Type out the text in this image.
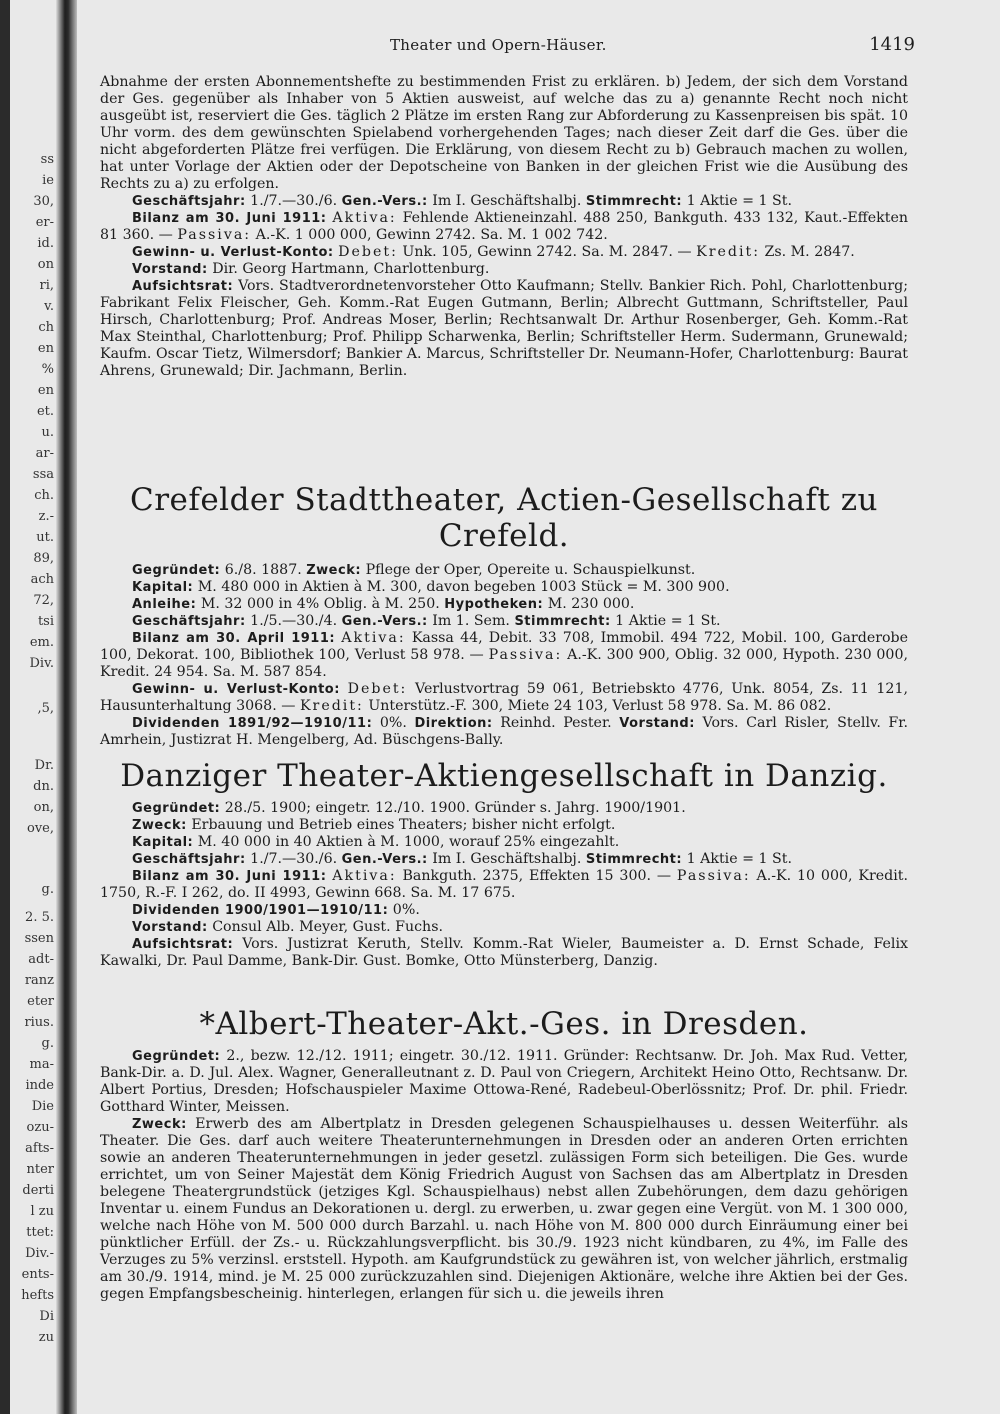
ss
ie
30,
er-
id.
on
ri,
v.
ch
en
%
en
et.
u.
ar-
ssa
ch.
z.-
ut.
89,
ach
72,
tsi
em.
Div.
,5,
Dr.
dn.
on,
ove,
g.
2. 5.
ssen
adt-
ranz
eter
rius.
g.
ma-
inde
Die
ozu-
afts-
nter
derti
l zu
ttet:
Div.-
ents-
hefts
Di
zu
Theater und Opern-Häuser.	1419

Abnahme der ersten Abonnementshefte zu bestimmenden Frist zu erklären. b) Jedem, der sich dem Vorstand der Ges. gegenüber als Inhaber von 5 Aktien ausweist, auf welche das zu a) genannte Recht noch nicht ausgeübt ist, reserviert die Ges. täglich 2 Plätze im ersten Rang zur Abforderung zu Kassenpreisen bis spät. 10 Uhr vorm. des dem gewünschten Spielabend vorhergehenden Tages; nach dieser Zeit darf die Ges. über die nicht abgeforderten Plätze frei verfügen. Die Erklärung, von diesem Recht zu b) Gebrauch machen zu wollen, hat unter Vorlage der Aktien oder der Depotscheine von Banken in der gleichen Frist wie die Ausübung des Rechts zu a) zu erfolgen.

Geschäftsjahr: 1./7.—30./6. Gen.-Vers.: Im I. Geschäftshalbj. Stimmrecht: 1 Aktie = 1 St.

Bilanz am 30. Juni 1911: Aktiva: Fehlende Aktieneinzahl. 488 250, Bankguth. 433 132, Kaut.-Effekten 81 360. — Passiva: A.-K. 1 000 000, Gewinn 2742. Sa. M. 1 002 742.

Gewinn- u. Verlust-Konto: Debet: Unk. 105, Gewinn 2742. Sa. M. 2847. — Kredit: Zs. M. 2847.

Vorstand: Dir. Georg Hartmann, Charlottenburg.

Aufsichtsrat: Vors. Stadtverordnetenvorsteher Otto Kaufmann; Stellv. Bankier Rich. Pohl, Charlottenburg; Fabrikant Felix Fleischer, Geh. Komm.-Rat Eugen Gutmann, Berlin; Albrecht Guttmann, Schriftsteller, Paul Hirsch, Charlottenburg; Prof. Andreas Moser, Berlin; Rechtsanwalt Dr. Arthur Rosenberger, Geh. Komm.-Rat Max Steinthal, Charlottenburg; Prof. Philipp Scharwenka, Berlin; Schriftsteller Herm. Sudermann, Grunewald; Kaufm. Oscar Tietz, Wilmersdorf; Bankier A. Marcus, Schriftsteller Dr. Neumann-Hofer, Charlottenburg: Baurat Ahrens, Grunewald; Dir. Jachmann, Berlin.

Crefelder Stadttheater, Actien-Gesellschaft zu Crefeld.

Gegründet: 6./8. 1887. Zweck: Pflege der Oper, Opereite u. Schauspielkunst.

Kapital: M. 480 000 in Aktien à M. 300, davon begeben 1003 Stück = M. 300 900.

Anleihe: M. 32 000 in 4% Oblig. à M. 250. Hypotheken: M. 230 000.

Geschäftsjahr: 1./5.—30./4. Gen.-Vers.: Im 1. Sem. Stimmrecht: 1 Aktie = 1 St.

Bilanz am 30. April 1911: Aktiva: Kassa 44, Debit. 33 708, Immobil. 494 722, Mobil. 100, Garderobe 100, Dekorat. 100, Bibliothek 100, Verlust 58 978. — Passiva: A.-K. 300 900, Oblig. 32 000, Hypoth. 230 000, Kredit. 24 954. Sa. M. 587 854.

Gewinn- u. Verlust-Konto: Debet: Verlustvortrag 59 061, Betriebskto 4776, Unk. 8054, Zs. 11 121, Hausunterhaltung 3068. — Kredit: Unterstütz.-F. 300, Miete 24 103, Verlust 58 978. Sa. M. 86 082.

Dividenden 1891/92—1910/11: 0%. Direktion: Reinhd. Pester. Vorstand: Vors. Carl Risler, Stellv. Fr. Amrhein, Justizrat H. Mengelberg, Ad. Büschgens-Bally.

Danziger Theater-Aktiengesellschaft in Danzig.

Gegründet: 28./5. 1900; eingetr. 12./10. 1900. Gründer s. Jahrg. 1900/1901.

Zweck: Erbauung und Betrieb eines Theaters; bisher nicht erfolgt.

Kapital: M. 40 000 in 40 Aktien à M. 1000, worauf 25% eingezahlt.

Geschäftsjahr: 1./7.—30./6. Gen.-Vers.: Im I. Geschäftshalbj. Stimmrecht: 1 Aktie = 1 St.

Bilanz am 30. Juni 1911: Aktiva: Bankguth. 2375, Effekten 15 300. — Passiva: A.-K. 10 000, Kredit. 1750, R.-F. I 262, do. II 4993, Gewinn 668. Sa. M. 17 675.

Dividenden 1900/1901—1910/11: 0%.

Vorstand: Consul Alb. Meyer, Gust. Fuchs.

Aufsichtsrat: Vors. Justizrat Keruth, Stellv. Komm.-Rat Wieler, Baumeister a. D. Ernst Schade, Felix Kawalki, Dr. Paul Damme, Bank-Dir. Gust. Bomke, Otto Münsterberg, Danzig.

*Albert-Theater-Akt.-Ges. in Dresden.

Gegründet: 2., bezw. 12./12. 1911; eingetr. 30./12. 1911. Gründer: Rechtsanw. Dr. Joh. Max Rud. Vetter, Bank-Dir. a. D. Jul. Alex. Wagner, Generalleutnant z. D. Paul von Criegern, Architekt Heino Otto, Rechtsanw. Dr. Albert Portius, Dresden; Hofschauspieler Maxime Ottowa-René, Radebeul-Oberlössnitz; Prof. Dr. phil. Friedr. Gotthard Winter, Meissen.

Zweck: Erwerb des am Albertplatz in Dresden gelegenen Schauspielhauses u. dessen Weiterführ. als Theater. Die Ges. darf auch weitere Theaterunternehmungen in Dresden oder an anderen Orten errichten sowie an anderen Theaterunternehmungen in jeder gesetzl. zulässigen Form sich beteiligen. Die Ges. wurde errichtet, um von Seiner Majestät dem König Friedrich August von Sachsen das am Albertplatz in Dresden belegene Theatergrundstück (jetziges Kgl. Schauspielhaus) nebst allen Zubehörungen, dem dazu gehörigen Inventar u. einem Fundus an Dekorationen u. dergl. zu erwerben, u. zwar gegen eine Vergüt. von M. 1 300 000, welche nach Höhe von M. 500 000 durch Barzahl. u. nach Höhe von M. 800 000 durch Einräumung einer bei pünktlicher Erfüll. der Zs.- u. Rückzahlungsverpflicht. bis 30./9. 1923 nicht kündbaren, zu 4%, im Falle des Verzuges zu 5% verzinsl. erststell. Hypoth. am Kaufgrundstück zu gewähren ist, von welcher jährlich, erstmalig am 30./9. 1914, mind. je M. 25 000 zurückzuzahlen sind. Diejenigen Aktionäre, welche ihre Aktien bei der Ges. gegen Empfangsbescheinig. hinterlegen, erlangen für sich u. die jeweils ihren
